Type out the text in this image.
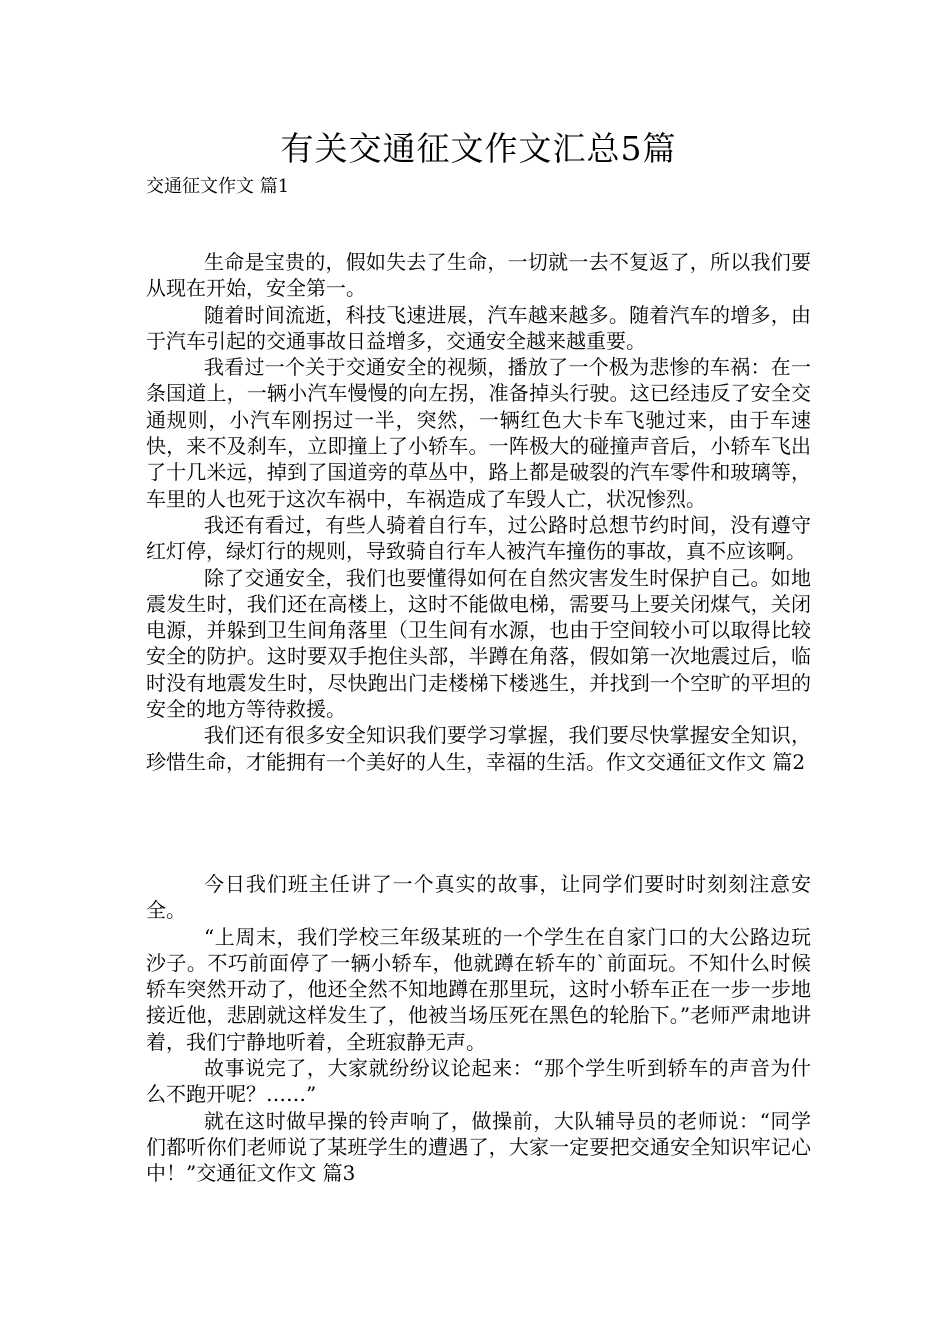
有关交通征文作文汇总5篇
交通征文作文 篇1

生命是宝贵的，假如失去了生命，一切就一去不复返了，所以我们要从现在开始，安全第一。

随着时间流逝，科技飞速进展，汽车越来越多。随着汽车的增多，由于汽车引起的交通事故日益增多，交通安全越来越重要。

我看过一个关于交通安全的视频，播放了一个极为悲惨的车祸：在一条国道上，一辆小汽车慢慢的向左拐，准备掉头行驶。这已经违反了安全交通规则，小汽车刚拐过一半，突然，一辆红色大卡车飞驰过来，由于车速快，来不及刹车，立即撞上了小轿车。一阵极大的碰撞声音后，小轿车飞出了十几米远，掉到了国道旁的草丛中，路上都是破裂的汽车零件和玻璃等，车里的人也死于这次车祸中，车祸造成了车毁人亡，状况惨烈。

我还有看过，有些人骑着自行车，过公路时总想节约时间，没有遵守红灯停，绿灯行的规则，导致骑自行车人被汽车撞伤的事故，真不应该啊。

除了交通安全，我们也要懂得如何在自然灾害发生时保护自己。如地震发生时，我们还在高楼上，这时不能做电梯，需要马上要关闭煤气，关闭电源，并躲到卫生间角落里（卫生间有水源，也由于空间较小可以取得比较安全的防护。这时要双手抱住头部，半蹲在角落，假如第一次地震过后，临时没有地震发生时，尽快跑出门走楼梯下楼逃生，并找到一个空旷的平坦的安全的地方等待救援。

我们还有很多安全知识我们要学习掌握，我们要尽快掌握安全知识，珍惜生命，才能拥有一个美好的人生，幸福的生活。作文交通征文作文 篇2

今日我们班主任讲了一个真实的故事，让同学们要时时刻刻注意安全。

“上周末，我们学校三年级某班的一个学生在自家门口的大公路边玩沙子。不巧前面停了一辆小轿车，他就蹲在轿车的`前面玩。不知什么时候轿车突然开动了，他还全然不知地蹲在那里玩，这时小轿车正在一步一步地接近他，悲剧就这样发生了，他被当场压死在黑色的轮胎下。”老师严肃地讲着，我们宁静地听着，全班寂静无声。

故事说完了，大家就纷纷议论起来：“那个学生听到轿车的声音为什么不跑开呢？……”

就在这时做早操的铃声响了，做操前，大队辅导员的老师说：“同学们都听你们老师说了某班学生的遭遇了，大家一定要把交通安全知识牢记心中！”交通征文作文 篇3
